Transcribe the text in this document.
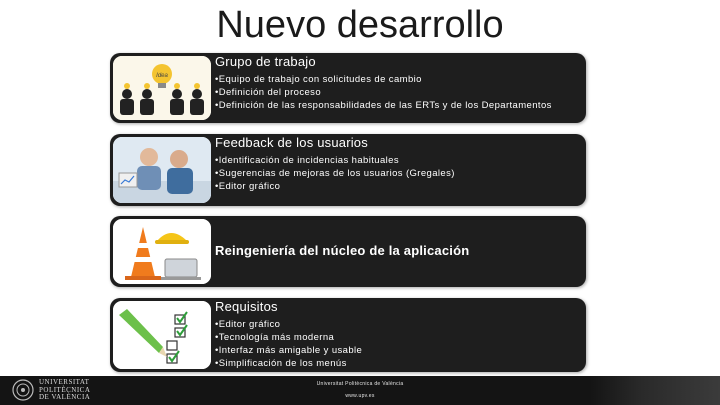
Nuevo desarrollo
Idea
Grupo de trabajo
• Equipo de trabajo con solicitudes de cambio
• Definición del proceso
• Definición de las responsabilidades de las ERTs y de los Departamentos
Feedback de los usuarios
• Identificación de incidencias habituales
• Sugerencias de mejoras de los usuarios (Gregales)
• Editor gráfico
Reingeniería del núcleo de la aplicación
Requisitos
• Editor gráfico
• Tecnología más moderna
• Interfaz más amigable y usable
• Simplificación de los menús
UNIVERSITAT
POLITÈCNICA
DE VALÈNCIA
Universitat Politècnica de València
www.upv.es
